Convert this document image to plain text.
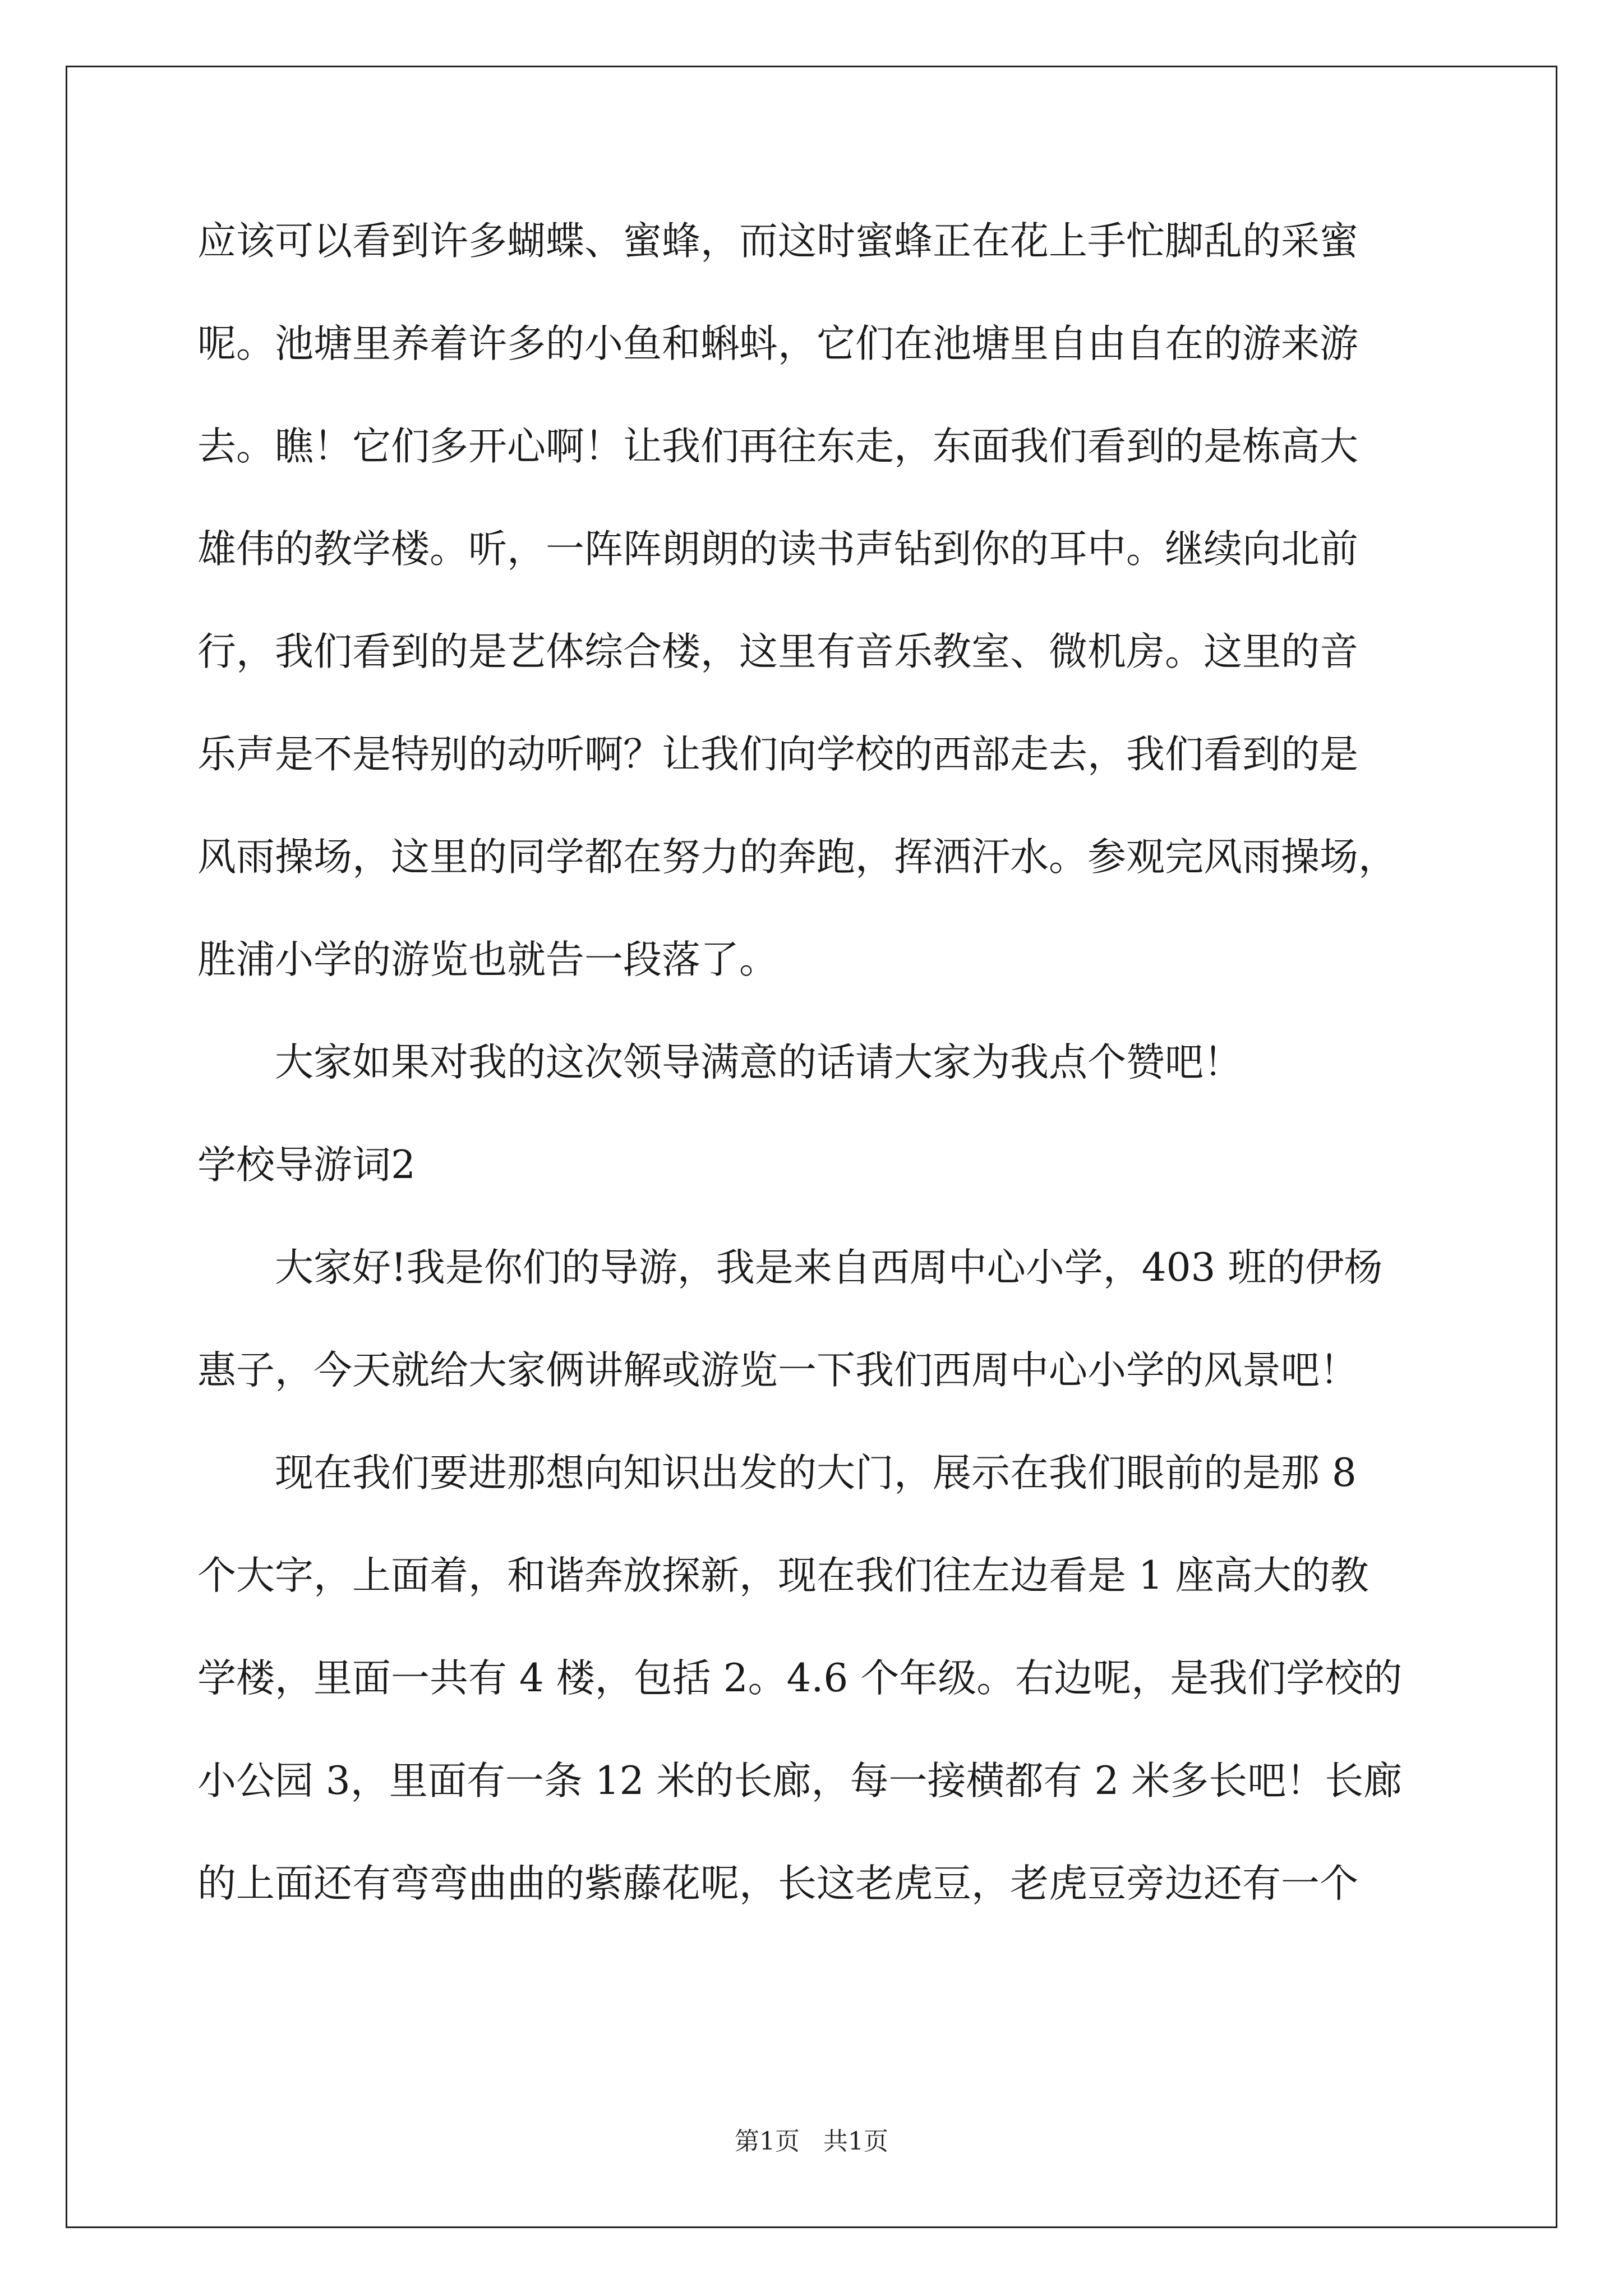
应该可以看到许多蝴蝶、蜜蜂，而这时蜜蜂正在花上手忙脚乱的采蜜
呢。池塘里养着许多的小鱼和蝌蚪，它们在池塘里自由自在的游来游
去。瞧！它们多开心啊！让我们再往东走，东面我们看到的是栋高大
雄伟的教学楼。听，一阵阵朗朗的读书声钻到你的耳中。继续向北前
行，我们看到的是艺体综合楼，这里有音乐教室、微机房。这里的音
乐声是不是特别的动听啊？让我们向学校的西部走去，我们看到的是
风雨操场，这里的同学都在努力的奔跑，挥洒汗水。参观完风雨操场，
胜浦小学的游览也就告一段落了。
大家如果对我的这次领导满意的话请大家为我点个赞吧！
学校导游词2
大家好!我是你们的导游，我是来自西周中心小学，403 班的伊杨
惠子，今天就给大家俩讲解或游览一下我们西周中心小学的风景吧！
现在我们要进那想向知识出发的大门，展示在我们眼前的是那 8
个大字，上面着，和谐奔放探新，现在我们往左边看是 1 座高大的教
学楼，里面一共有 4 楼，包括 2。4.6 个年级。右边呢，是我们学校的
小公园 3，里面有一条 12 米的长廊，每一接横都有 2 米多长吧！长廊
的上面还有弯弯曲曲的紫藤花呢，长这老虎豆，老虎豆旁边还有一个
第1页 共1页
